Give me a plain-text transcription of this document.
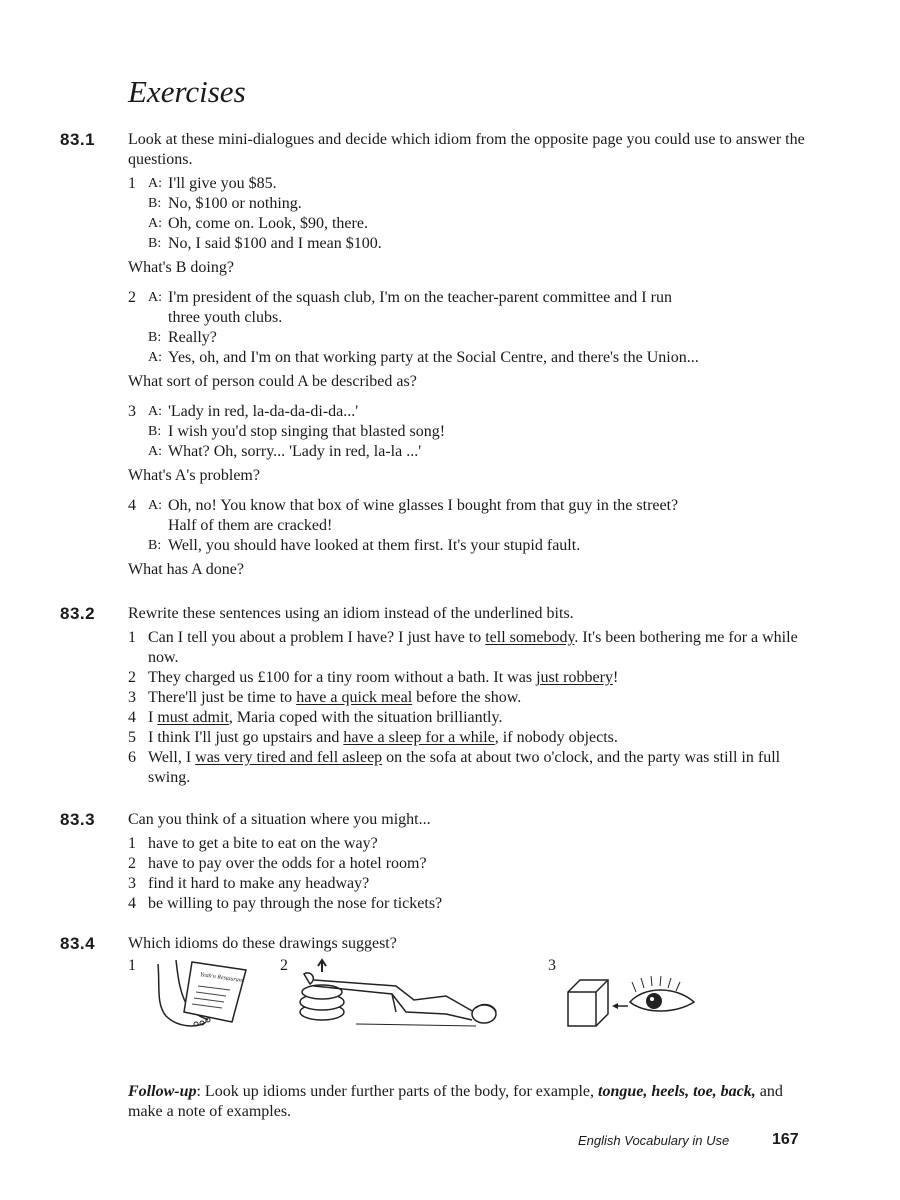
Exercises
83.1 Look at these mini-dialogues and decide which idiom from the opposite page you could use to answer the questions.

1 A: I'll give you $85.
B: No, $100 or nothing.
A: Oh, come on. Look, $90, there.
B: No, I said $100 and I mean $100.

What's B doing?

2 A: I'm president of the squash club, I'm on the teacher-parent committee and I run
three youth clubs.
B: Really?
A: Yes, oh, and I'm on that working party at the Social Centre, and there's the Union...

What sort of person could A be described as?

3 A: 'Lady in red, la-da-da-di-da...'
B: I wish you'd stop singing that blasted song!
A: What? Oh, sorry... 'Lady in red, la-la ...'

What's A's problem?

4 A: Oh, no! You know that box of wine glasses I bought from that guy in the street?
Half of them are cracked!
B: Well, you should have looked at them first. It's your stupid fault.

What has A done?

83.2 Rewrite these sentences using an idiom instead of the underlined bits.

1 Can I tell you about a problem I have? I just have to tell somebody. It's been bothering me for a while now.
2 They charged us £100 for a tiny room without a bath. It was just robbery!
3 There'll just be time to have a quick meal before the show.
4 I must admit, Maria coped with the situation brilliantly.
5 I think I'll just go upstairs and have a sleep for a while, if nobody objects.
6 Well, I was very tired and fell asleep on the sofa at about two o'clock, and the party was still in full swing.
83.3 Can you think of a situation where you might...

1 have to get a bite to eat on the way?
2 have to pay over the odds for a hotel room?
3 find it hard to make any headway?
4 be willing to pay through the nose for tickets?
83.4 Which idioms do these drawings suggest?

1
Yeah'n Restaurant
2	3

Follow-up: Look up idioms under further parts of the body, for example, tongue, heels, toe, back, and make a note of examples.

English Vocabulary in Use	167
